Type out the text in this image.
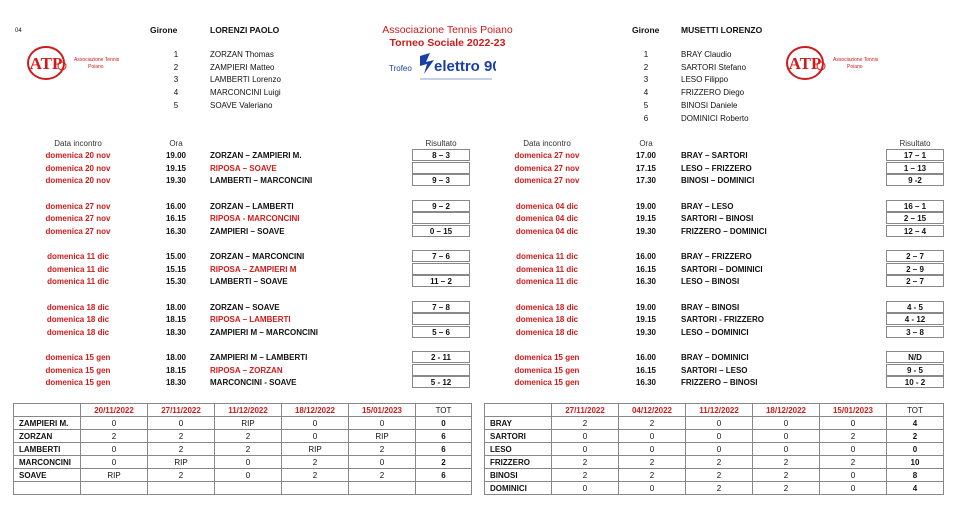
04
ATP Associazione Tennis
Poiano
Girone	LORENZI PAOLO
1	ZORZAN Thomas
2	ZAMPIERI Matteo
3	LAMBERTI Lorenzo
4	MARCONCINI Luigi
5	SOAVE Valeriano
Associazione Tennis Poiano
Torneo Sociale 2022-23
Trofeo elettro 90
Girone	MUSETTI LORENZO
1	BRAY Claudio
2	SARTORI Stefano
3	LESO Filippo
4	FRIZZERO Diego
5	BINOSI Daniele
6	DOMINICI Roberto
ATP Associazione Tennis
Poiano
Data incontro	Ora	Risultato	Data incontro	Ora	Risultato
domenica 20 nov	19.00	ZORZAN – ZAMPIERI M.	8 – 3
domenica 20 nov	19.15	RIPOSA – SOAVE
domenica 20 nov	19.30	LAMBERTI – MARCONCINI	9 – 3
domenica 27 nov	16.00	ZORZAN – LAMBERTI	9 – 2
domenica 27 nov	16.15	RIPOSA - MARCONCINI
domenica 27 nov	16.30	ZAMPIERI – SOAVE	0 – 15
domenica 11 dic	15.00	ZORZAN – MARCONCINI	7 – 6
domenica 11 dic	15.15	RIPOSA – ZAMPIERI M
domenica 11 dic	15.30	LAMBERTI – SOAVE	11 – 2
domenica 18 dic	18.00	ZORZAN – SOAVE	7 – 8
domenica 18 dic	18.15	RIPOSA – LAMBERTI
domenica 18 dic	18.30	ZAMPIERI M – MARCONCINI	5 – 6
domenica 15 gen	18.00	ZAMPIERI M – LAMBERTI	2 - 11
domenica 15 gen	18.15	RIPOSA – ZORZAN
domenica 15 gen	18.30	MARCONCINI - SOAVE	5 - 12
domenica 27 nov	17.00	BRAY – SARTORI	17 – 1
domenica 27 nov	17.15	LESO – FRIZZERO	1 – 13
domenica 27 nov	17.30	BINOSI – DOMINICI	9 -2
domenica 04 dic	19.00	BRAY – LESO	16 – 1
domenica 04 dic	19.15	SARTORI – BINOSI	2 – 15
domenica 04 dic	19.30	FRIZZERO – DOMINICI	12 – 4
domenica 11 dic	16.00	BRAY – FRIZZERO	2 – 7
domenica 11 dic	16.15	SARTORI – DOMINICI	2 – 9
domenica 11 dic	16.30	LESO – BINOSI	2 – 7
domenica 18 dic	19.00	BRAY – BINOSI	4 - 5
domenica 18 dic	19.15	SARTORI - FRIZZERO	4 - 12
domenica 18 dic	19.30	LESO – DOMINICI	3 – 8
domenica 15 gen	16.00	BRAY – DOMINICI	N/D
domenica 15 gen	16.15	SARTORI – LESO	9 - 5
domenica 15 gen	16.30	FRIZZERO – BINOSI	10 - 2
	20/11/2022	27/11/2022	11/12/2022	18/12/2022	15/01/2023	TOT
ZAMPIERI M.	0	0	RIP	0	0	0
ZORZAN	2	2	2	0	RIP	6
LAMBERTI	0	2	2	RIP	2	6
MARCONCINI	0	RIP	0	2	0	2
SOAVE	RIP	2	0	2	2	6

	27/11/2022	04/12/2022	11/12/2022	18/12/2022	15/01/2023	TOT
BRAY	2	2	0	0	0	4
SARTORI	0	0	0	0	2	2
LESO	0	0	0	0	0	0
FRIZZERO	2	2	2	2	2	10
BINOSI	2	2	2	2	0	8
DOMINICI	0	0	2	2	0	4
